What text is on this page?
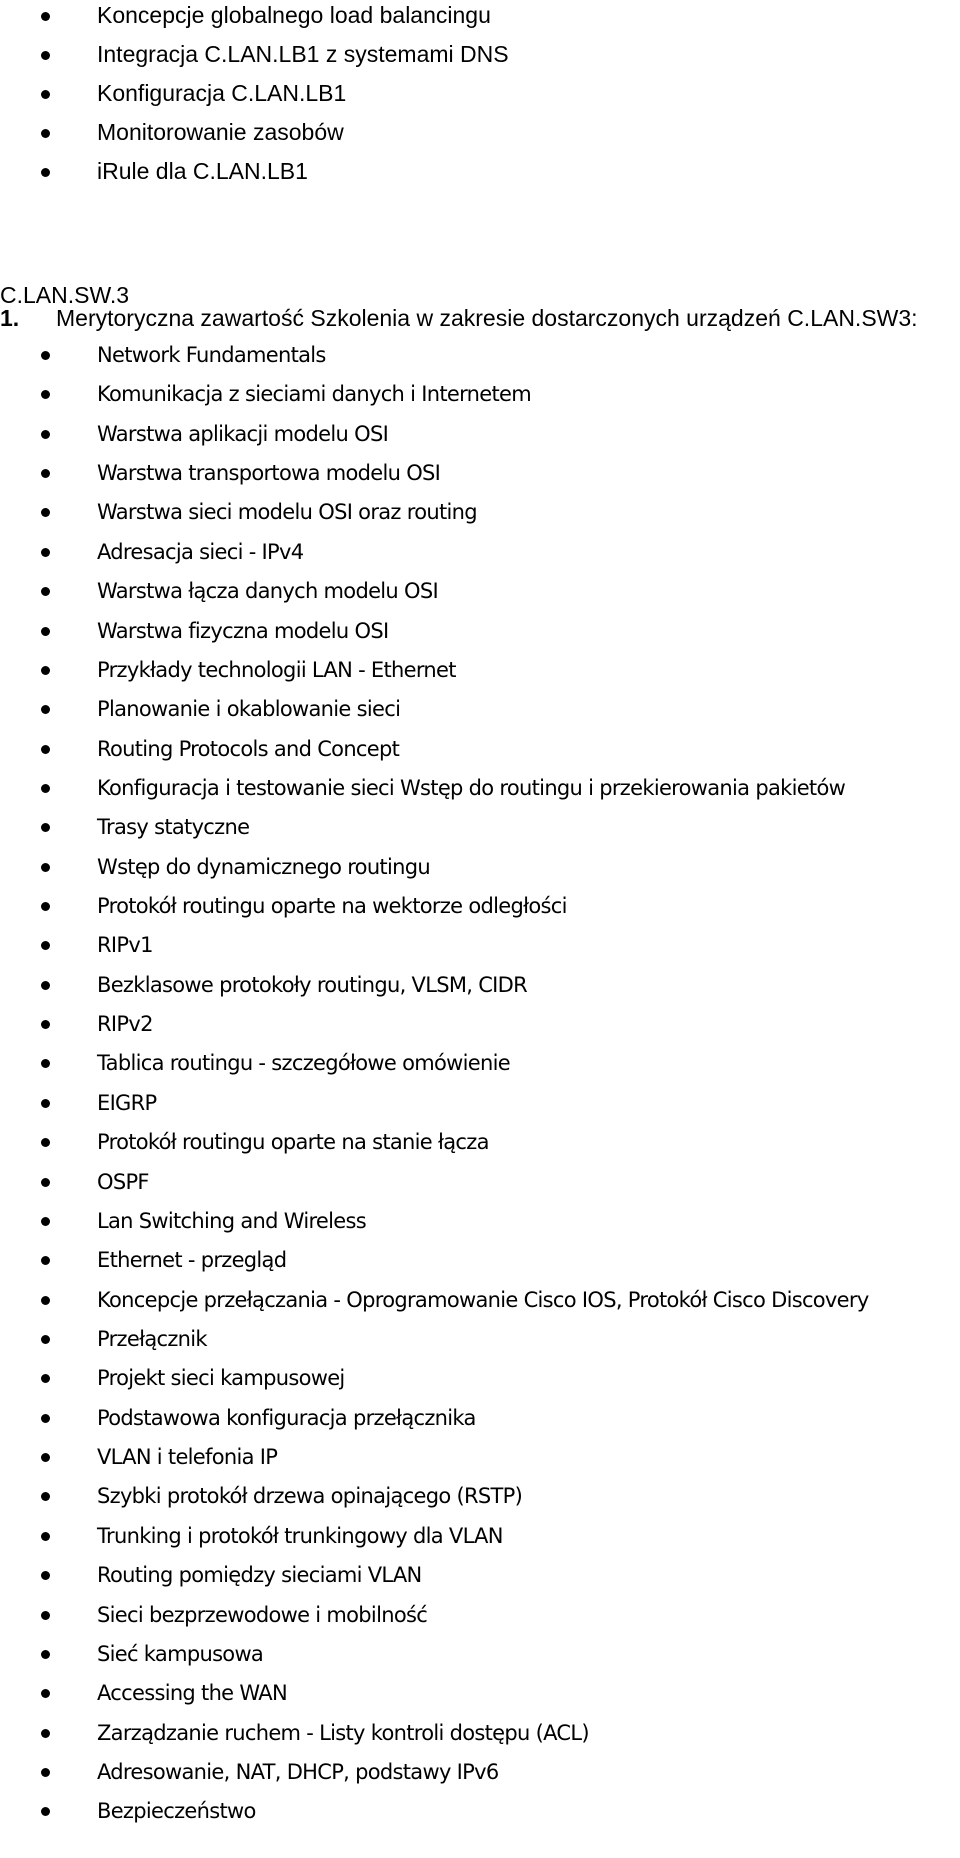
Koncepcje globalnego load balancingu
Integracja C.LAN.LB1 z systemami DNS
Konfiguracja C.LAN.LB1
Monitorowanie zasobów
iRule dla C.LAN.LB1
C.LAN.SW.3
1. Merytoryczna zawartość Szkolenia w zakresie dostarczonych urządzeń C.LAN.SW3:
Network Fundamentals
Komunikacja z sieciami danych i Internetem
Warstwa aplikacji modelu OSI
Warstwa transportowa modelu OSI
Warstwa sieci modelu OSI oraz routing
Adresacja sieci - IPv4
Warstwa łącza danych modelu OSI
Warstwa fizyczna modelu OSI
Przykłady technologii LAN - Ethernet
Planowanie i okablowanie sieci
Routing Protocols and Concept
Konfiguracja i testowanie sieci Wstęp do routingu i przekierowania pakietów
Trasy statyczne
Wstęp do dynamicznego routingu
Protokół routingu oparte na wektorze odległości
RIPv1
Bezklasowe protokoły routingu, VLSM, CIDR
RIPv2
Tablica routingu - szczegółowe omówienie
EIGRP
Protokół routingu oparte na stanie łącza
OSPF
Lan Switching and Wireless
Ethernet - przegląd
Koncepcje przełączania - Oprogramowanie Cisco IOS, Protokół Cisco Discovery
Przełącznik
Projekt sieci kampusowej
Podstawowa konfiguracja przełącznika
VLAN i telefonia IP
Szybki protokół drzewa opinającego (RSTP)
Trunking i protokół trunkingowy dla VLAN
Routing pomiędzy sieciami VLAN
Sieci bezprzewodowe i mobilność
Sieć kampusowa
Accessing the WAN
Zarządzanie ruchem - Listy kontroli dostępu (ACL)
Adresowanie, NAT, DHCP, podstawy IPv6
Bezpieczeństwo
